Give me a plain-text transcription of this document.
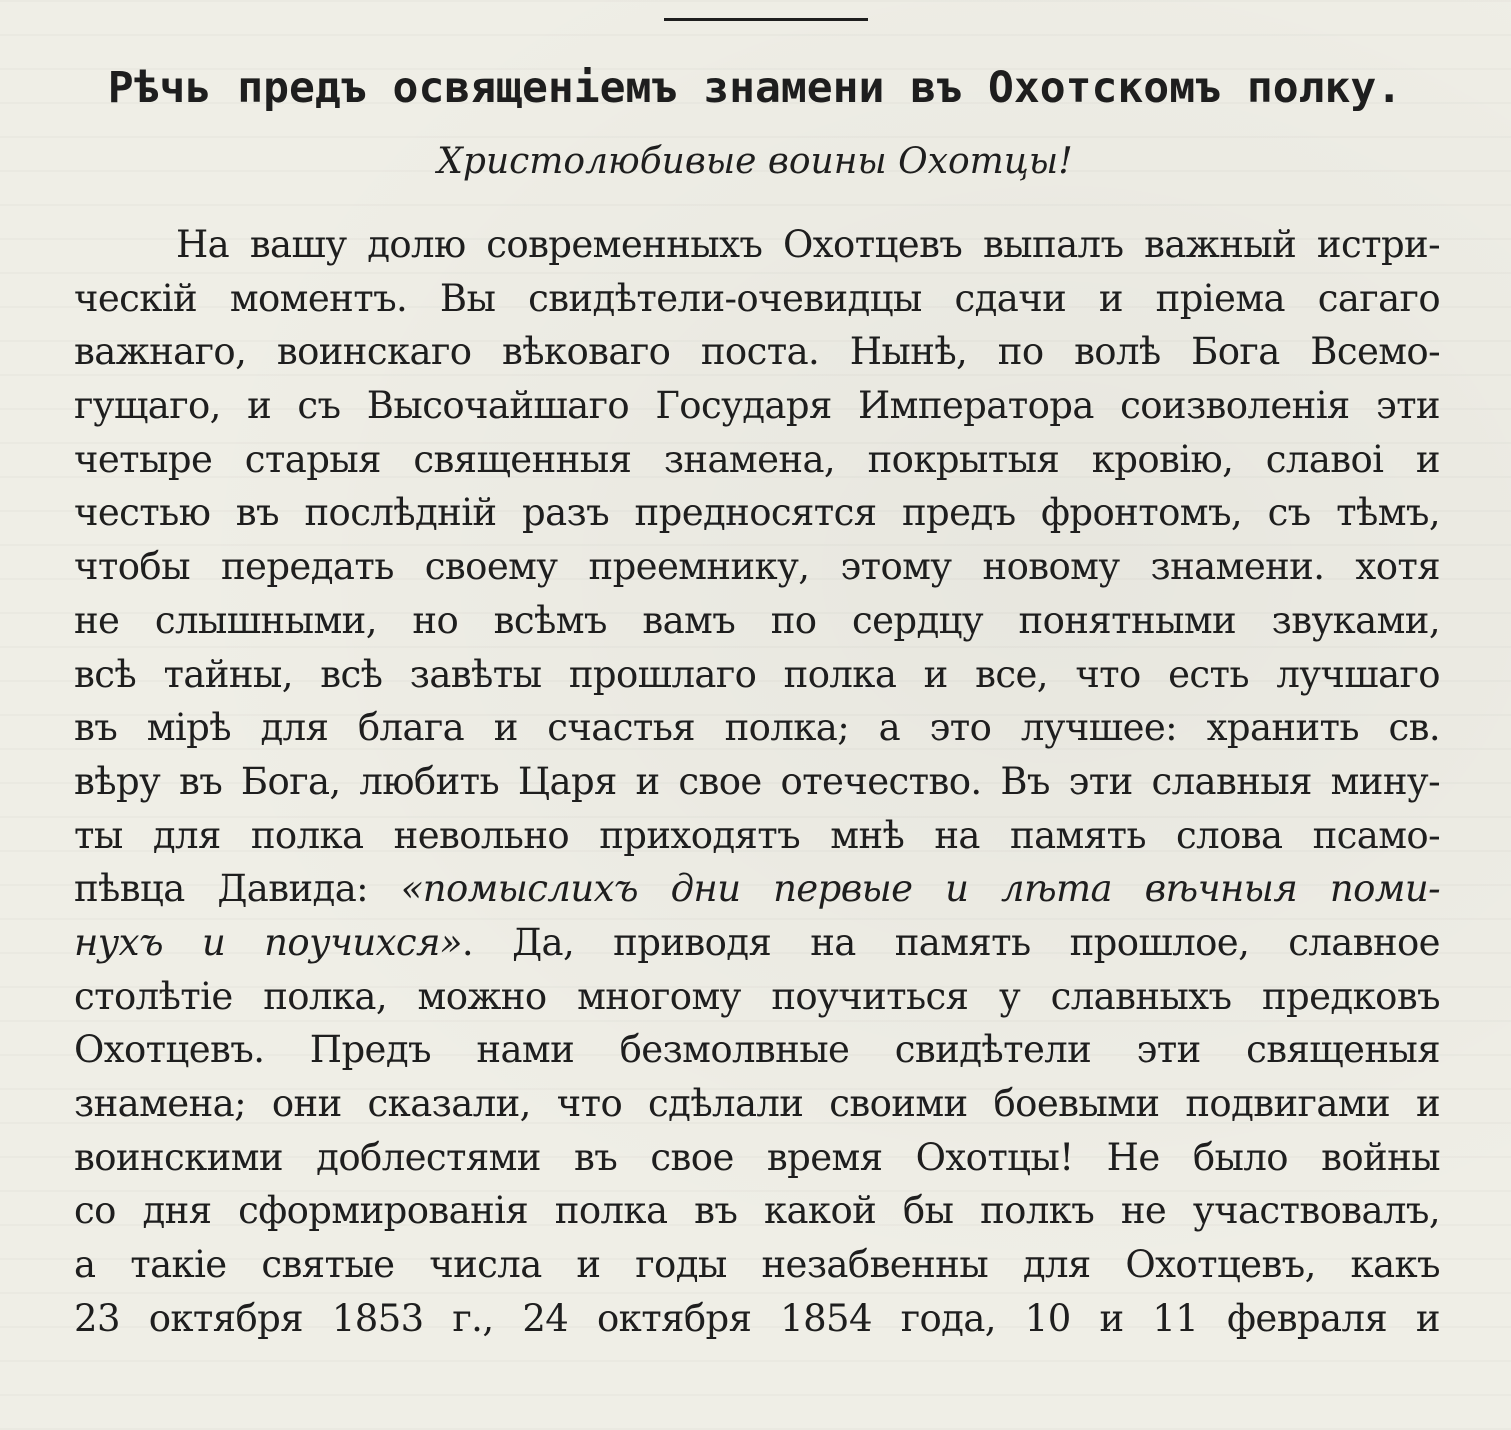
Рѣчь предъ освященіемъ знамени въ Охотскомъ полку.

Христолюбивые воины Охотцы!

На вашу долю современныхъ Охотцевъ выпалъ важный истри-
ческій моментъ. Вы свидѣтели-очевидцы сдачи и пріема сагаго
важнаго, воинскаго вѣковаго поста. Нынѣ, по волѣ Бога Всемо-
гущаго, и съ Высочайшаго Государя Императора соизволенія эти
четыре старыя священныя знамена, покрытыя кровію, славоі и
честью въ послѣдній разъ предносятся предъ фронтомъ, съ тѣмъ,
чтобы передать своему преемнику, этому новому знамени. хотя
не слышными, но всѣмъ вамъ по сердцу понятными звуками,
всѣ тайны, всѣ завѣты прошлаго полка и все, что есть лучшаго
въ мірѣ для блага и счастья полка; а это лучшее: хранить св.
вѣру въ Бога, любить Царя и свое отечество. Въ эти славныя мину-
ты для полка невольно приходятъ мнѣ на память слова псамо-
пѣвца Давида: «помыслихъ дни первые и лѣта вѣчныя поми-
нухъ и поучихся». Да, приводя на память прошлое, славное
столѣтіе полка, можно многому поучиться у славныхъ предковъ
Охотцевъ. Предъ нами безмолвные свидѣтели эти священыя
знамена; они сказали, что сдѣлали своими боевыми подвигами и
воинскими доблестями въ свое время Охотцы! Не было войны
со дня сформированія полка въ какой бы полкъ не участвовалъ,
а такіе святые числа и годы незабвенны для Охотцевъ, какъ
23 октября 1853 г., 24 октября 1854 года, 10 и 11 февраля и
